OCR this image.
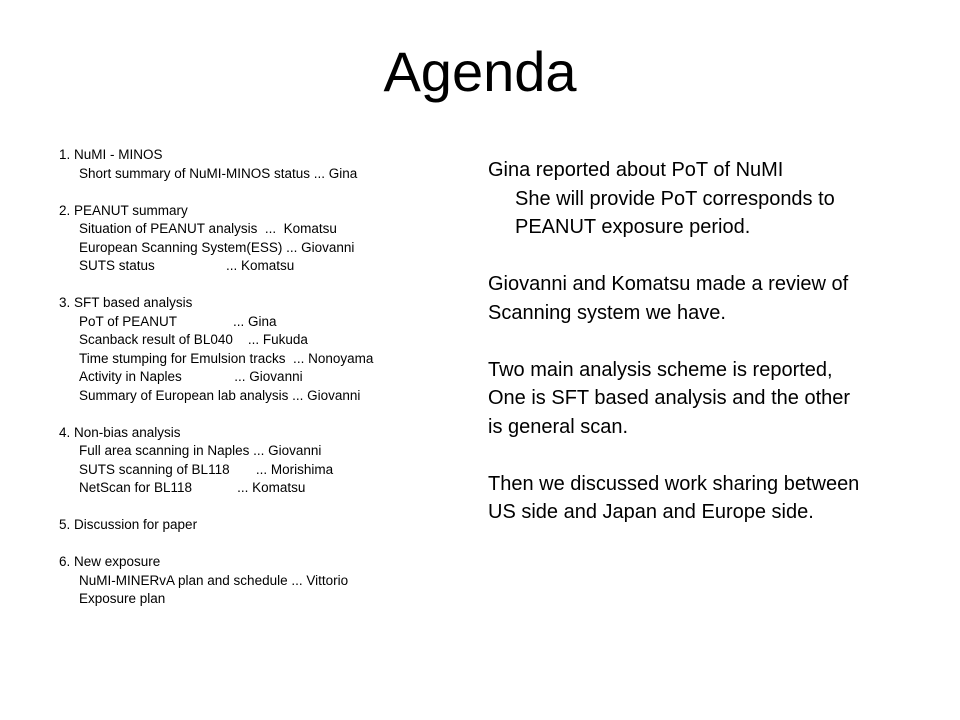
Agenda
1. NuMI - MINOS
Short summary of NuMI-MINOS status ... Gina
2. PEANUT summary
Situation of PEANUT analysis  ...  Komatsu
European Scanning System(ESS) ... Giovanni
SUTS status                   ... Komatsu
3. SFT based analysis
PoT of PEANUT               ... Gina
Scanback result of BL040    ... Fukuda
Time stumping for Emulsion tracks  ... Nonoyama
Activity in Naples              ... Giovanni
Summary of European lab analysis ... Giovanni
4. Non-bias analysis
Full area scanning in Naples ... Giovanni
SUTS scanning of BL118       ... Morishima
NetScan for BL118            ... Komatsu
5. Discussion for paper
6. New exposure
NuMI-MINERvA plan and schedule ... Vittorio
Exposure plan
Gina reported about PoT of NuMI
She will provide PoT corresponds to
PEANUT exposure period.
Giovanni and Komatsu made a review of
Scanning system we have.
Two main analysis scheme is reported,
One is SFT based analysis and the other
is general scan.
Then we discussed work sharing between
US side and Japan and Europe side.
